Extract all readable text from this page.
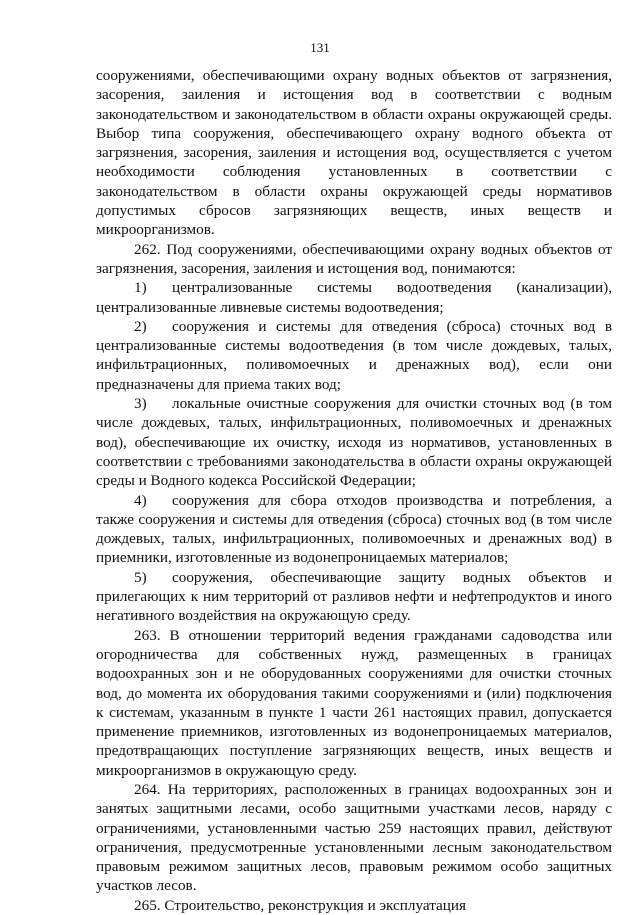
131

сооружениями, обеспечивающими охрану водных объектов от загрязнения, засорения, заиления и истощения вод в соответствии с водным законодательством и законодательством в области охраны окружающей среды. Выбор типа сооружения, обеспечивающего охрану водного объекта от загрязнения, засорения, заиления и истощения вод, осуществляется с учетом необходимости соблюдения установленных в соответствии с законодательством в области охраны окружающей среды нормативов допустимых сбросов загрязняющих веществ, иных веществ и микроорганизмов.

262. Под сооружениями, обеспечивающими охрану водных объектов от загрязнения, засорения, заиления и истощения вод, понимаются:

1) централизованные системы водоотведения (канализации), централизованные ливневые системы водоотведения;

2) сооружения и системы для отведения (сброса) сточных вод в централизованные системы водоотведения (в том числе дождевых, талых, инфильтрационных, поливомоечных и дренажных вод), если они предназначены для приема таких вод;

3) локальные очистные сооружения для очистки сточных вод (в том числе дождевых, талых, инфильтрационных, поливомоечных и дренажных вод), обеспечивающие их очистку, исходя из нормативов, установленных в соответствии с требованиями законодательства в области охраны окружающей среды и Водного кодекса Российской Федерации;

4) сооружения для сбора отходов производства и потребления, а также сооружения и системы для отведения (сброса) сточных вод (в том числе дождевых, талых, инфильтрационных, поливомоечных и дренажных вод) в приемники, изготовленные из водонепроницаемых материалов;

5) сооружения, обеспечивающие защиту водных объектов и прилегающих к ним территорий от разливов нефти и нефтепродуктов и иного негативного воздействия на окружающую среду.

263. В отношении территорий ведения гражданами садоводства или огородничества для собственных нужд, размещенных в границах водоохранных зон и не оборудованных сооружениями для очистки сточных вод, до момента их оборудования такими сооружениями и (или) подключения к системам, указанным в пункте 1 части 261 настоящих правил, допускается применение приемников, изготовленных из водонепроницаемых материалов, предотвращающих поступление загрязняющих веществ, иных веществ и микроорганизмов в окружающую среду.

264. На территориях, расположенных в границах водоохранных зон и занятых защитными лесами, особо защитными участками лесов, наряду с ограничениями, установленными частью 259 настоящих правил, действуют ограничения, предусмотренные установленными лесным законодательством правовым режимом защитных лесов, правовым режимом особо защитных участков лесов.

265. Строительство, реконструкция и эксплуатация
